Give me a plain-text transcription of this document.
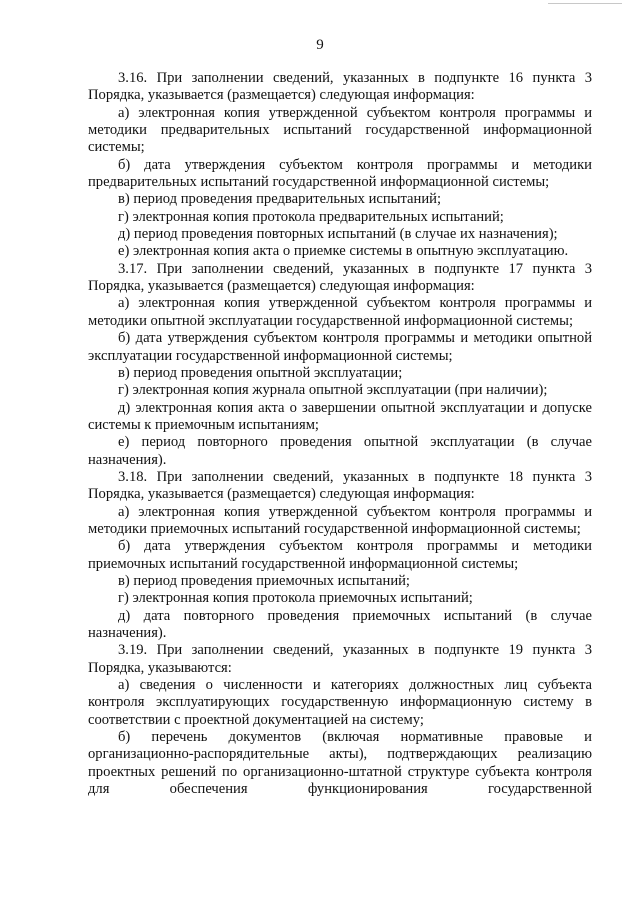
9

3.16. При заполнении сведений, указанных в подпункте 16 пункта 3 Порядка, указывается (размещается) следующая информация:

а) электронная копия утвержденной субъектом контроля программы и методики предварительных испытаний государственной информационной системы;

б) дата утверждения субъектом контроля программы и методики предварительных испытаний государственной информационной системы;

в) период проведения предварительных испытаний;

г) электронная копия протокола предварительных испытаний;

д) период проведения повторных испытаний (в случае их назначения);

е) электронная копия акта о приемке системы в опытную эксплуатацию.

3.17. При заполнении сведений, указанных в подпункте 17 пункта 3 Порядка, указывается (размещается) следующая информация:

а) электронная копия утвержденной субъектом контроля программы и методики опытной эксплуатации государственной информационной системы;

б) дата утверждения субъектом контроля программы и методики опытной эксплуатации государственной информационной системы;

в) период проведения опытной эксплуатации;

г) электронная копия журнала опытной эксплуатации (при наличии);

д) электронная копия акта о завершении опытной эксплуатации и допуске системы к приемочным испытаниям;

е) период повторного проведения опытной эксплуатации (в случае назначения).

3.18. При заполнении сведений, указанных в подпункте 18 пункта 3 Порядка, указывается (размещается) следующая информация:

а) электронная копия утвержденной субъектом контроля программы и методики приемочных испытаний государственной информационной системы;

б) дата утверждения субъектом контроля программы и методики приемочных испытаний государственной информационной системы;

в) период проведения приемочных испытаний;

г) электронная копия протокола приемочных испытаний;

д) дата повторного проведения приемочных испытаний (в случае назначения).

3.19. При заполнении сведений, указанных в подпункте 19 пункта 3 Порядка, указываются:

а) сведения о численности и категориях должностных лиц субъекта контроля эксплуатирующих государственную информационную систему в соответствии с проектной документацией на систему;

б) перечень документов (включая нормативные правовые и организационно-распорядительные акты), подтверждающих реализацию проектных решений по организационно-штатной структуре субъекта контроля для обеспечения функционирования государственной
